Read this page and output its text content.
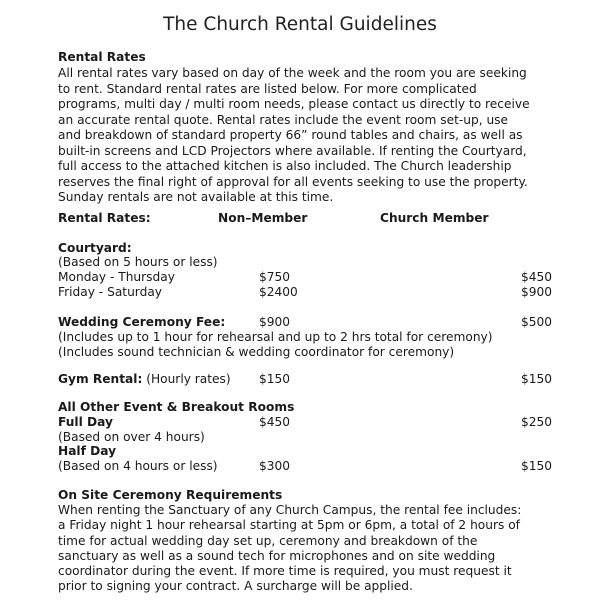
The Church Rental Guidelines
Rental Rates
All rental rates vary based on day of the week and the room you are seeking
to rent. Standard rental rates are listed below. For more complicated
programs, multi day / multi room needs, please contact us directly to receive
an accurate rental quote. Rental rates include the event room set-up, use
and breakdown of standard property 66” round tables and chairs, as well as
built-in screens and LCD Projectors where available. If renting the Courtyard,
full access to the attached kitchen is also included. The Church leadership
reserves the final right of approval for all events seeking to use the property.
Sunday rentals are not available at this time.
Rental Rates:	Non–Member	Church Member
Courtyard:
(Based on 5 hours or less)
Monday - Thursday	$750	$450
Friday - Saturday	$2400	$900
Wedding Ceremony Fee:	$900	$500
(Includes up to 1 hour for rehearsal and up to 2 hrs total for ceremony)
(Includes sound technician & wedding coordinator for ceremony)
Gym Rental: (Hourly rates) $150	$150
All Other Event & Breakout Rooms
Full Day	$450	$250
(Based on over 4 hours)
Half Day
(Based on 4 hours or less)	$300	$150
On Site Ceremony Requirements
When renting the Sanctuary of any Church Campus, the rental fee includes:
a Friday night 1 hour rehearsal starting at 5pm or 6pm, a total of 2 hours of
time for actual wedding day set up, ceremony and breakdown of the
sanctuary as well as a sound tech for microphones and on site wedding
coordinator during the event. If more time is required, you must request it
prior to signing your contract. A surcharge will be applied.
